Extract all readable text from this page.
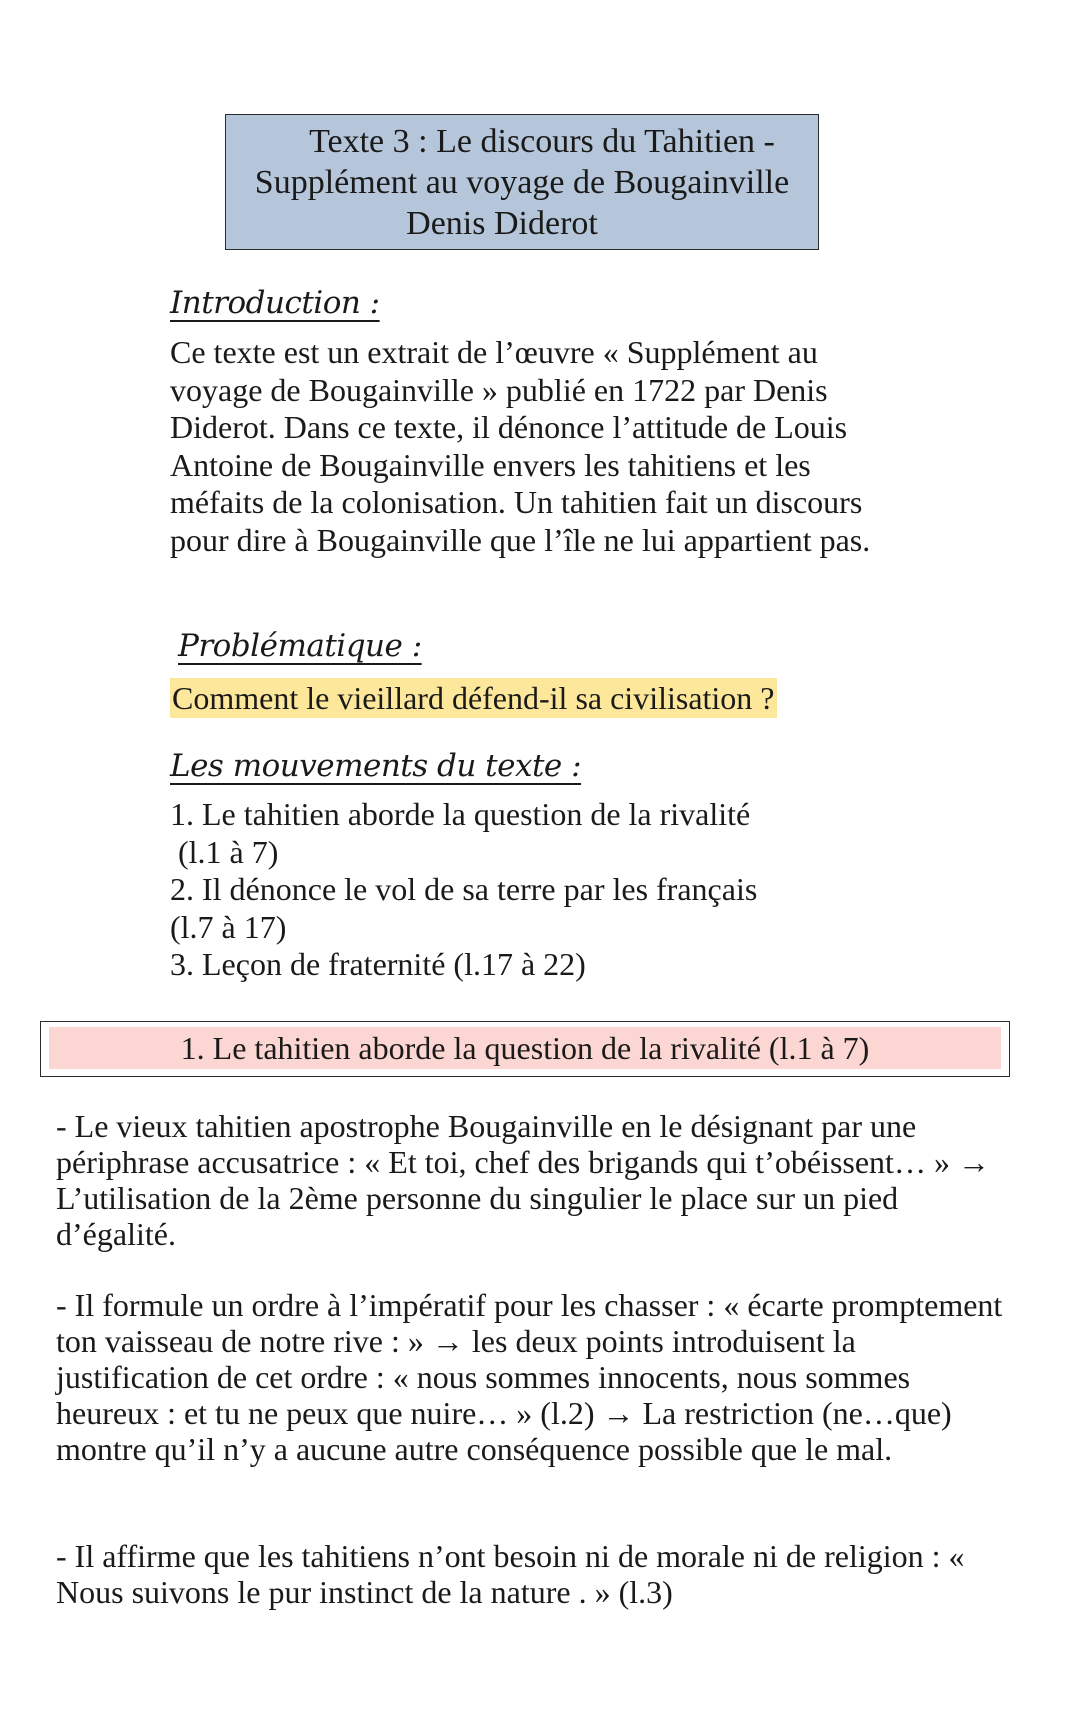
Texte 3 : Le discours du Tahitien -
Supplément au voyage de Bougainville
Denis Diderot
Introduction :
Ce texte est un extrait de l’œuvre « Supplément au voyage de Bougainville » publié en 1722 par Denis Diderot. Dans ce texte, il dénonce l’attitude de Louis Antoine de Bougainville envers les tahitiens et les méfaits de la colonisation. Un tahitien fait un discours pour dire à Bougainville que l’île ne lui appartient pas.
Problématique :
Comment le vieillard défend-il sa civilisation ?
Les mouvements du texte :
1. Le tahitien aborde la question de la rivalité
(l.1 à 7)
2. Il dénonce le vol de sa terre par les français
(l.7 à 17)
3. Leçon de fraternité (l.17 à 22)
1. Le tahitien aborde la question de la rivalité (l.1 à 7)

- Le vieux tahitien apostrophe Bougainville en le désignant par une périphrase accusatrice : « Et toi, chef des brigands qui t’obéissent… » → L’utilisation de la 2ème personne du singulier le place sur un pied d’égalité.

- Il formule un ordre à l’impératif pour les chasser : « écarte promptement ton vaisseau de notre rive : » → les deux points introduisent la justification de cet ordre : « nous sommes innocents, nous sommes heureux : et tu ne peux que nuire… » (l.2) → La restriction (ne…que) montre qu’il n’y a aucune autre conséquence possible que le mal.

- Il affirme que les tahitiens n’ont besoin ni de morale ni de religion : « Nous suivons le pur instinct de la nature . » (l.3)
